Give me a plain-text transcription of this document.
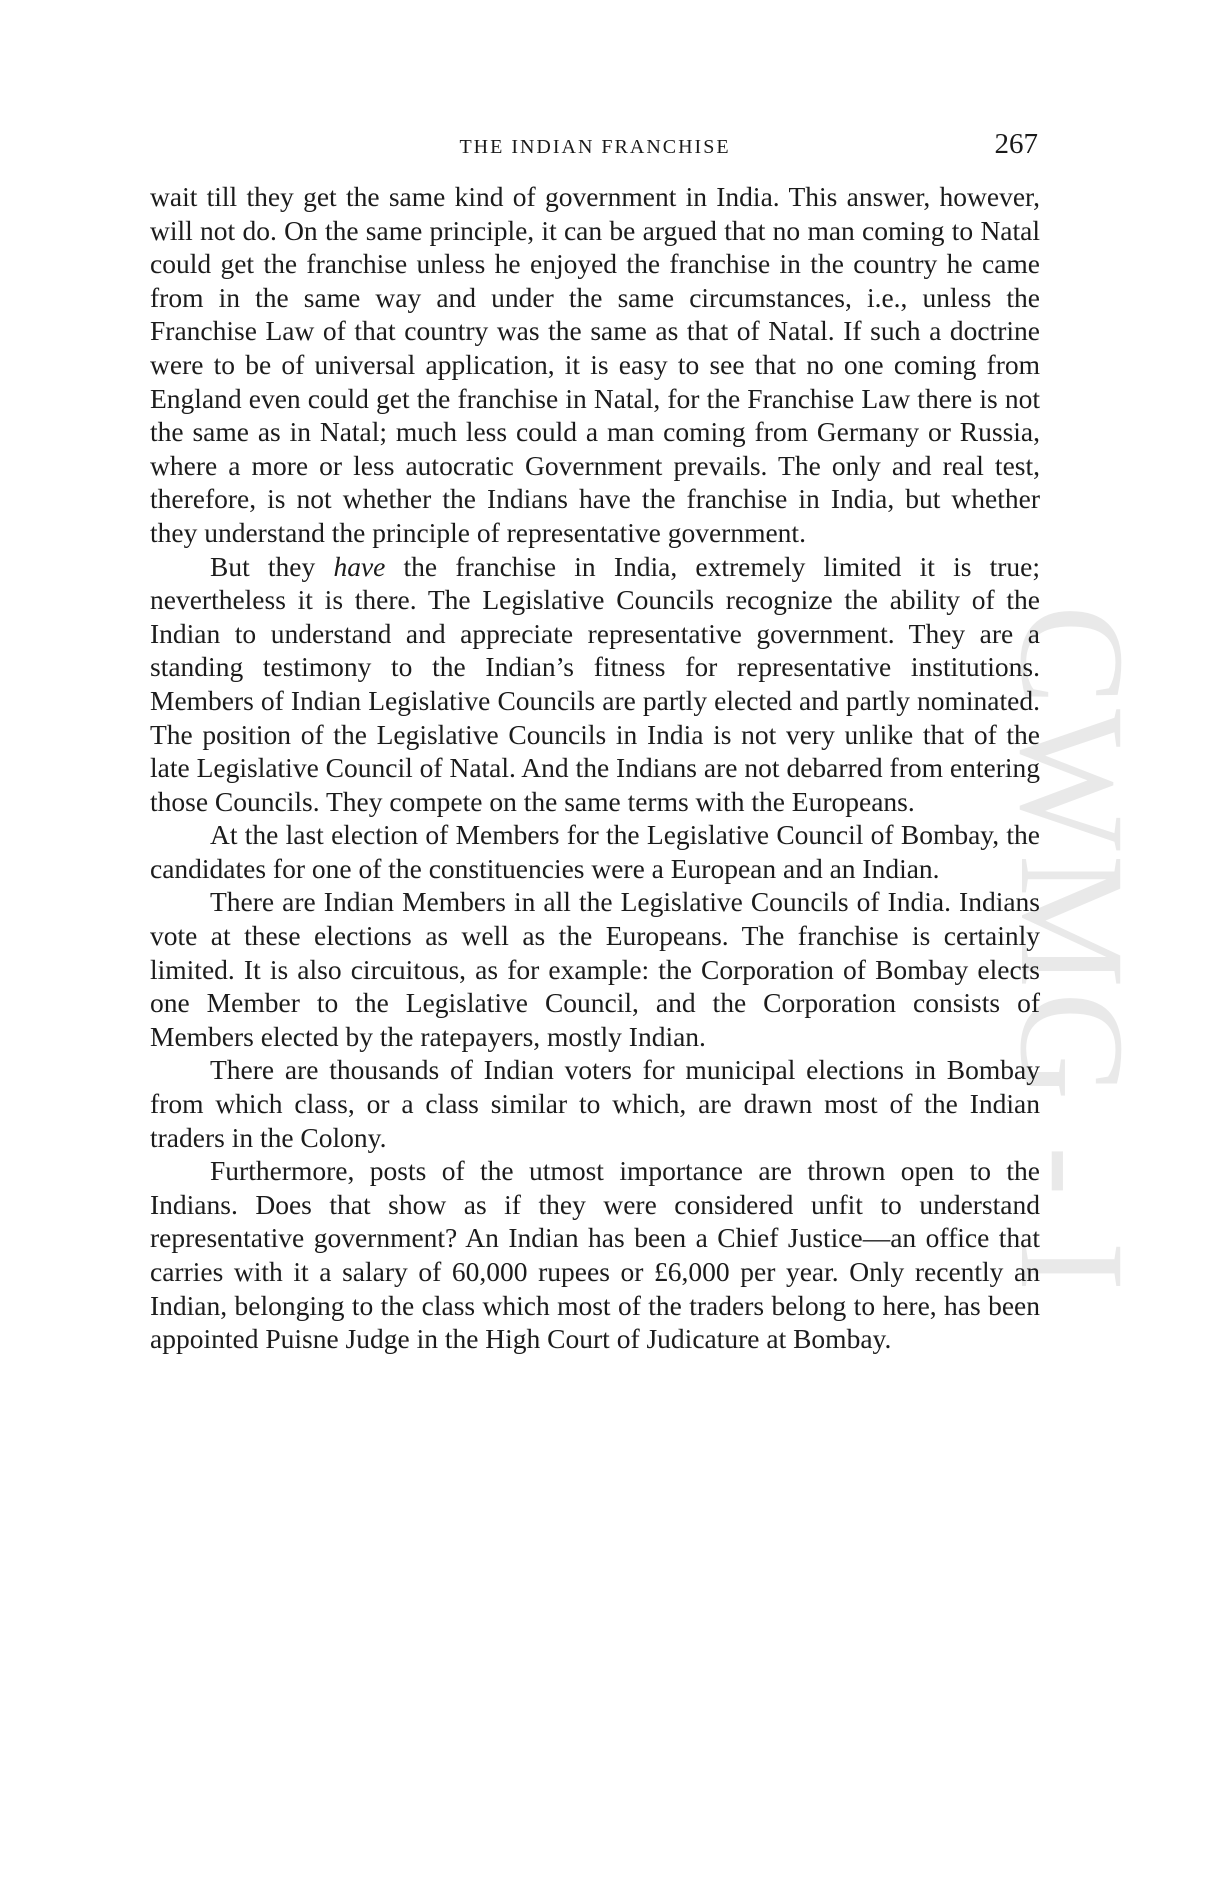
CWMG - I
THE INDIAN FRANCHISE	267

wait till they get the same kind of government in India. This answer, however, will not do. On the same principle, it can be argued that no man coming to Natal could get the franchise unless he enjoyed the franchise in the country he came from in the same way and under the same circumstances, i.e., unless the Franchise Law of that country was the same as that of Natal. If such a doctrine were to be of universal application, it is easy to see that no one coming from England even could get the franchise in Natal, for the Franchise Law there is not the same as in Natal; much less could a man coming from Germany or Russia, where a more or less autocratic Government prevails. The only and real test, therefore, is not whether the Indians have the franchise in India, but whether they understand the principle of representative government.

But they have the franchise in India, extremely limited it is true; nevertheless it is there. The Legislative Councils recognize the ability of the Indian to understand and appreciate representative government. They are a standing testimony to the Indian’s fitness for representative institutions. Members of Indian Legislative Councils are partly elected and partly nominated. The position of the Legislative Councils in India is not very unlike that of the late Legislative Council of Natal. And the Indians are not debarred from entering those Councils. They compete on the same terms with the Europeans.

At the last election of Members for the Legislative Council of Bombay, the candidates for one of the constituencies were a European and an Indian.

There are Indian Members in all the Legislative Councils of India. Indians vote at these elections as well as the Europeans. The franchise is certainly limited. It is also circuitous, as for example: the Corporation of Bombay elects one Member to the Legislative Council, and the Corporation consists of Members elected by the ratepayers, mostly Indian.

There are thousands of Indian voters for municipal elections in Bombay from which class, or a class similar to which, are drawn most of the Indian traders in the Colony.

Furthermore, posts of the utmost importance are thrown open to the Indians. Does that show as if they were considered unfit to understand representative government? An Indian has been a Chief Justice—an office that carries with it a salary of 60,000 rupees or £6,000 per year. Only recently an Indian, belonging to the class which most of the traders belong to here, has been appointed Puisne Judge in the High Court of Judicature at Bombay.
